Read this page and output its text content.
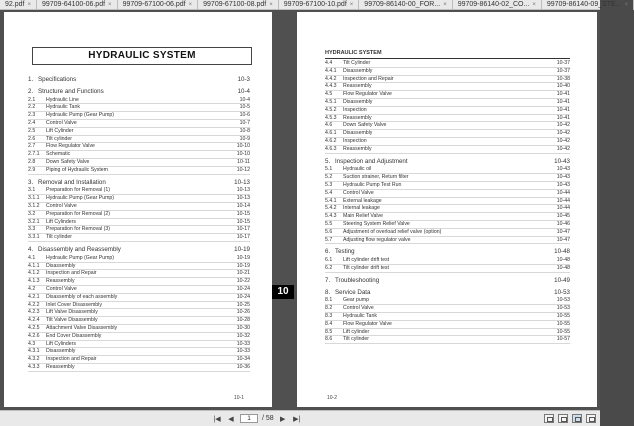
92.pdf × 99709-64100-06.pdf × 99709-67100-06.pdf × 99709-67100-08.pdf × 99709-67100-10.pdf × 99709-86140-00_FOR... × 99709-86140-02_CO... × 99709-86140-09_STE... ×
HYDRAULIC SYSTEM
1. Specifications	10-3
2. Structure and Functions	10-4
2.1	Hydraulic Line	10-4
2.2	Hydraulic Tank	10-5
2.3	Hydraulic Pump (Gear Pump)	10-6
2.4	Control Valve	10-7
2.5	Lift Cylinder	10-8
2.6	Tilt cylinder	10-9
2.7	Flow Regulator Valve	10-10
2.7.1	Schematic	10-10
2.8	Down Safety Valve	10-11
2.9	Piping of Hydraulic System	10-12
3. Removal and Installation	10-13
3.1	Preparation for Removal (1)	10-13
3.1.1	Hydraulic Pump (Gear Pump)	10-13
3.1.2	Control Valve	10-14
3.2	Preparation for Removal (2)	10-15
3.2.1	Lift Cylinders	10-15
3.3	Preparation for Removal (3)	10-17
3.3.1	Tilt cylinder	10-17
4. Disassembly and Reassembly	10-19
4.1	Hydraulic Pump (Gear Pump)	10-19
4.1.1	Disassembly	10-19
4.1.2	Inspection and Repair	10-21
4.1.3	Reassembly	10-22
4.2	Control Valve	10-24
4.2.1	Disassembly of each assembly	10-24
4.2.2	Inlet Cover Disassembly	10-25
4.2.3	Lift Valve Disassembly	10-26
4.2.4	Tilt Valve Disassembly	10-28
4.2.5	Attachment Valve Disassembly	10-30
4.2.6	End Cover Disassembly	10-32
4.3	Lift Cylinders	10-33
4.3.1	Disassembly	10-33
4.3.2	Inspection and Repair	10-34
4.3.3	Reassembly	10-36
10-1
10
HYDRAULIC SYSTEM
4.4	Tilt Cylinder	10-37
4.4.1	Disassembly	10-37
4.4.2	Inspection and Repair	10-38
4.4.3	Reassembly	10-40
4.5	Flow Regulator Valve	10-41
4.5.1	Disassembly	10-41
4.5.2	Inspection	10-41
4.5.3	Reassembly	10-41
4.6	Down Safety Valve	10-42
4.6.1	Disassembly	10-42
4.6.2	Inspection	10-42
4.6.3	Reassembly	10-42
5. Inspection and Adjustment	10-43
5.1	Hydraulic oil	10-43
5.2	Suction strainer, Return filter	10-43
5.3	Hydraulic Pump Test Run	10-43
5.4	Control Valve	10-44
5.4.1	External leakage	10-44
5.4.2	Internal leakage	10-44
5.4.3	Main Relief Valve	10-45
5.5	Steering System Relief Valve	10-46
5.6	Adjustment of overload relief valve (option)	10-47
5.7	Adjusting flow regulator valve	10-47
6. Testing	10-48
6.1	Lift cylinder drift test	10-48
6.2	Tilt cylinder drift test	10-48
7. Troubleshooting	10-49
8. Service Data	10-53
8.1	Gear pump	10-53
8.2	Control Valve	10-53
8.3	Hydraulic Tank	10-55
8.4	Flow Regulator Valve	10-55
8.5	Lift cylinder	10-55
8.6	Tilt cylinder	10-57
10-2
|◀	◀	1	/ 58 ▶	▶|
